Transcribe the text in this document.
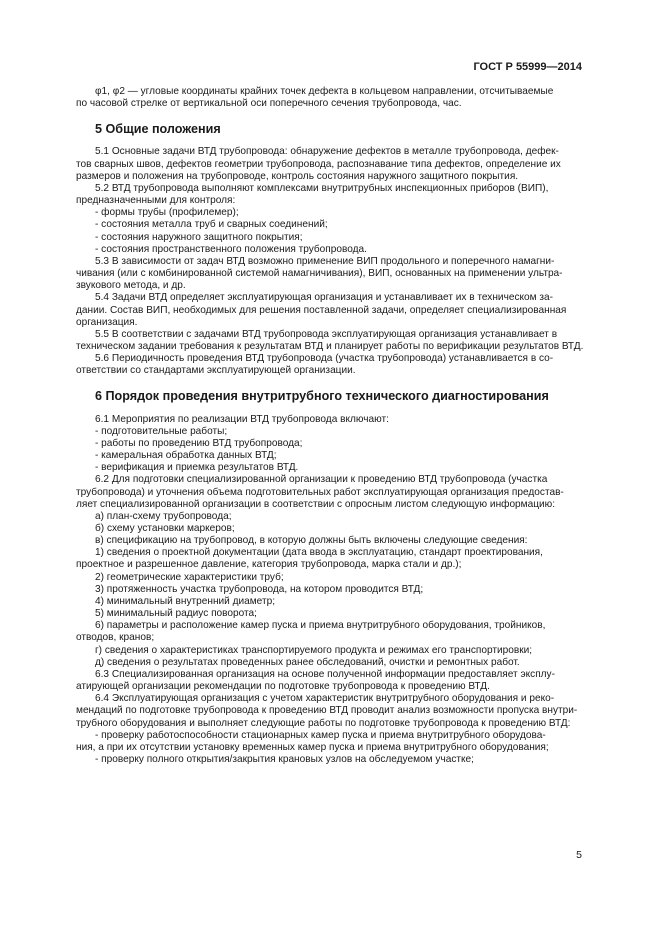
ГОСТ Р 55999—2014

φ1, φ2 — угловые координаты крайних точек дефекта в кольцевом направлении, отсчитываемые

по часовой стрелке от вертикальной оси поперечного сечения трубопровода, час.

5 Общие положения

5.1 Основные задачи ВТД трубопровода: обнаружение дефектов в металле трубопровода, дефек-

тов сварных швов, дефектов геометрии трубопровода, распознавание типа дефектов, определение их

размеров и положения на трубопроводе, контроль состояния наружного защитного покрытия.

5.2 ВТД трубопровода выполняют комплексами внутритрубных инспекционных приборов (ВИП),

предназначенными для контроля:

- формы трубы (профилемер);

- состояния металла труб и сварных соединений;

- состояния наружного защитного покрытия;

- состояния пространственного положения трубопровода.

5.3 В зависимости от задач ВТД возможно применение ВИП продольного и поперечного намагни-

чивания (или с комбинированной системой намагничивания), ВИП, основанных на применении ультра-

звукового метода, и др.

5.4 Задачи ВТД определяет эксплуатирующая организация и устанавливает их в техническом за-

дании. Состав ВИП, необходимых для решения поставленной задачи, определяет специализированная

организация.

5.5 В соответствии с задачами ВТД трубопровода эксплуатирующая организация устанавливает в

техническом задании требования к результатам ВТД и планирует работы по верификации результатов ВТД.

5.6 Периодичность проведения ВТД трубопровода (участка трубопровода) устанавливается в со-

ответствии со стандартами эксплуатирующей организации.

6 Порядок проведения внутритрубного технического диагностирования

6.1 Мероприятия по реализации ВТД трубопровода включают:

- подготовительные работы;

- работы по проведению ВТД трубопровода;

- камеральная обработка данных ВТД;

- верификация и приемка результатов ВТД.

6.2 Для подготовки специализированной организации к проведению ВТД трубопровода (участка

трубопровода) и уточнения объема подготовительных работ эксплуатирующая организация предостав-

ляет специализированной организации в соответствии с опросным листом следующую информацию:

а) план-схему трубопровода;

б) схему установки маркеров;

в) спецификацию на трубопровод, в которую должны быть включены следующие сведения:

1) сведения о проектной документации (дата ввода в эксплуатацию, стандарт проектирования,

проектное и разрешенное давление, категория трубопровода, марка стали и др.);

2) геометрические характеристики труб;

3) протяженность участка трубопровода, на котором проводится ВТД;

4) минимальный внутренний диаметр;

5) минимальный радиус поворота;

6) параметры и расположение камер пуска и приема внутритрубного оборудования, тройников,

отводов, кранов;

г) сведения о характеристиках транспортируемого продукта и режимах его транспортировки;

д) сведения о результатах проведенных ранее обследований, очистки и ремонтных работ.

6.3 Специализированная организация на основе полученной информации предоставляет эксплу-

атирующей организации рекомендации по подготовке трубопровода к проведению ВТД.

6.4 Эксплуатирующая организация с учетом характеристик внутритрубного оборудования и реко-

мендаций по подготовке трубопровода к проведению ВТД проводит анализ возможности пропуска внутри-

трубного оборудования и выполняет следующие работы по подготовке трубопровода к проведению ВТД:

- проверку работоспособности стационарных камер пуска и приема внутритрубного оборудова-

ния, а при их отсутствии установку временных камер пуска и приема внутритрубного оборудования;

- проверку полного открытия/закрытия крановых узлов на обследуемом участке;

5
